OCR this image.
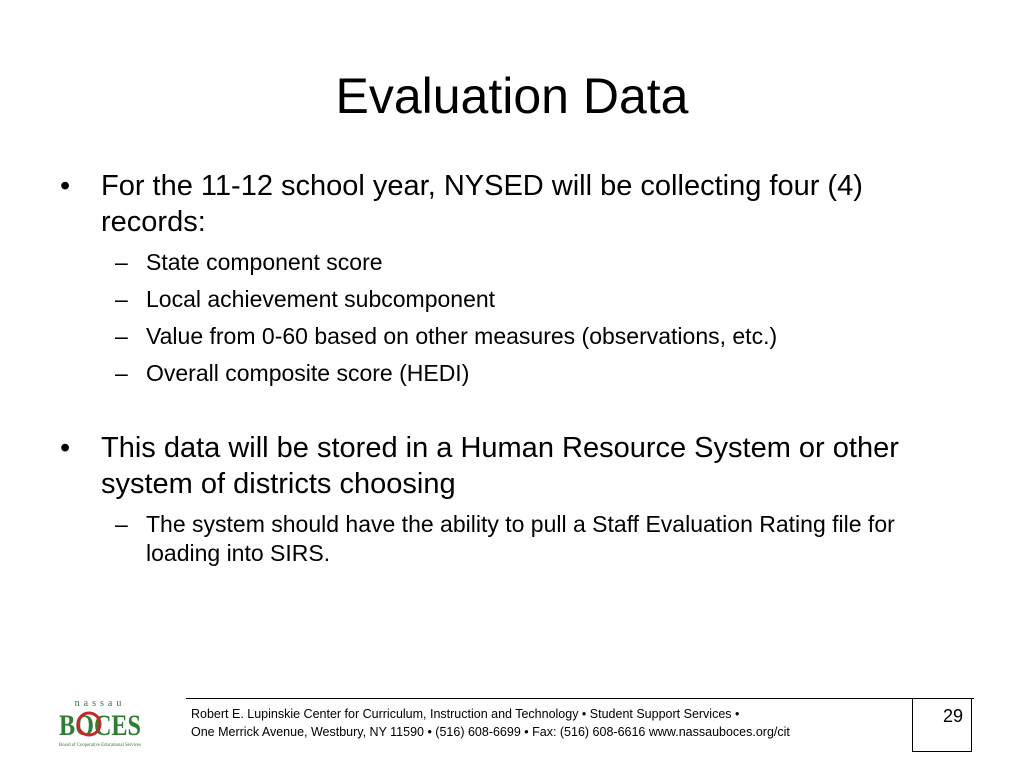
Evaluation Data
• For the 11-12 school year, NYSED will be collecting four (4) records:
– State component score
– Local achievement subcomponent
– Value from 0-60 based on other measures (observations, etc.)
– Overall composite score (HEDI)
• This data will be stored in a Human Resource System or other system of districts choosing
– The system should have the ability to pull a Staff Evaluation Rating file for loading into SIRS.
nassau
BOCES
Board of Cooperative Educational Services
Robert E. Lupinskie Center for Curriculum, Instruction and Technology • Student Support Services •
One Merrick Avenue, Westbury, NY 11590 • (516) 608-6699 • Fax: (516) 608-6616 www.nassauboces.org/cit
29
